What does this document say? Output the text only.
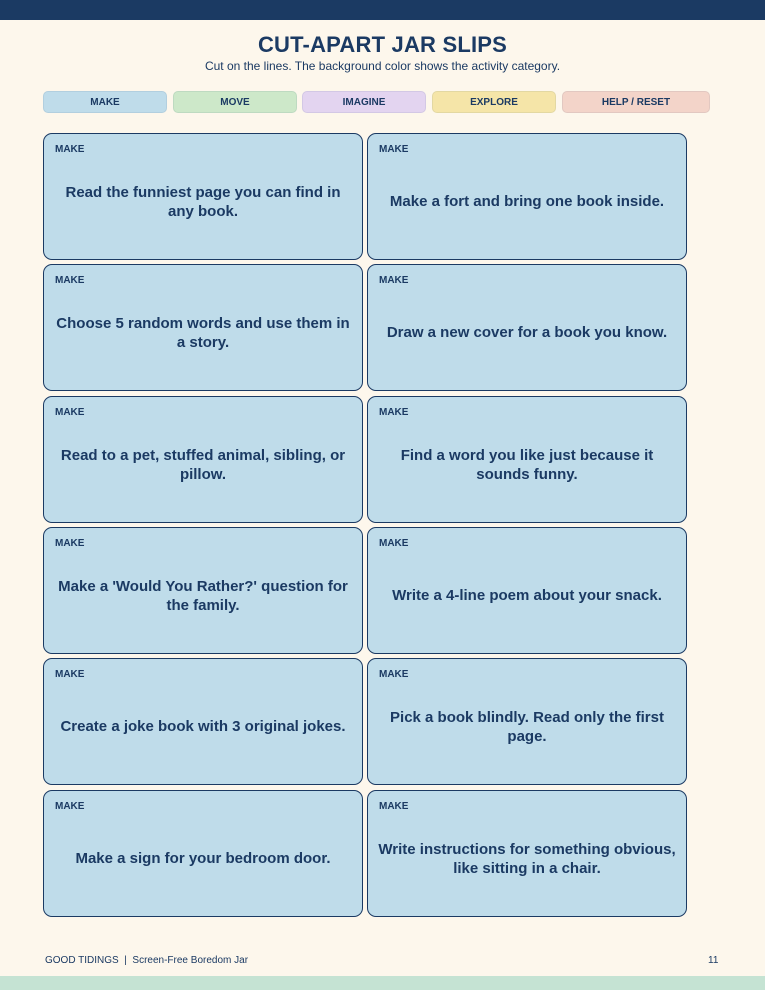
CUT-APART JAR SLIPS
Cut on the lines. The background color shows the activity category.
MAKE	MOVE	IMAGINE	EXPLORE	HELP / RESET
MAKE
Read the funniest page you can find in any book.
MAKE
Make a fort and bring one book inside.
MAKE
Choose 5 random words and use them in a story.
MAKE
Draw a new cover for a book you know.
MAKE
Read to a pet, stuffed animal, sibling, or pillow.
MAKE
Find a word you like just because it sounds funny.
MAKE
Make a 'Would You Rather?' question for the family.
MAKE
Write a 4-line poem about your snack.
MAKE
Create a joke book with 3 original jokes.
MAKE
Pick a book blindly. Read only the first page.
MAKE
Make a sign for your bedroom door.
MAKE
Write instructions for something obvious, like sitting in a chair.
GOOD TIDINGS  |  Screen-Free Boredom Jar	11
